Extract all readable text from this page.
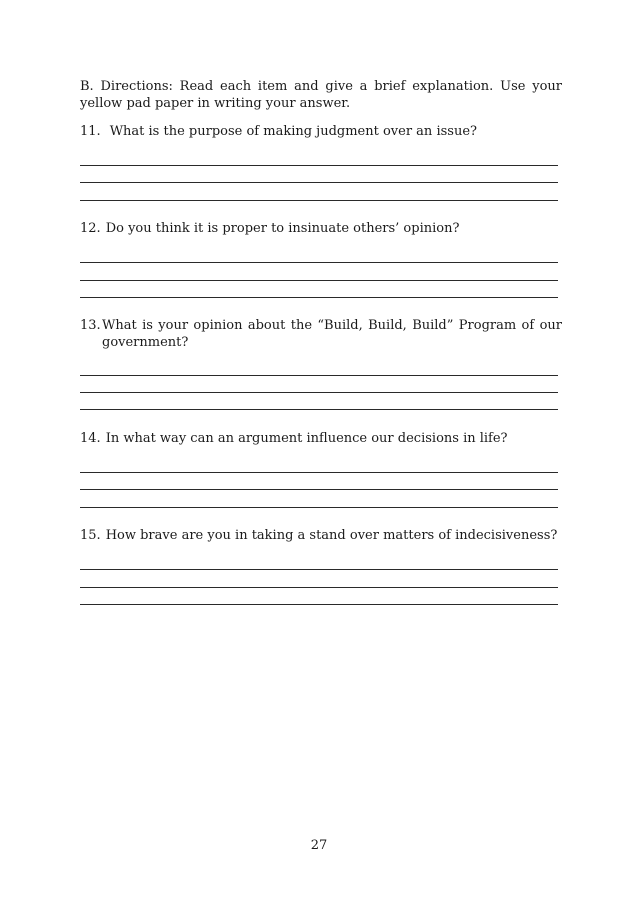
B. Directions: Read each item and give a brief explanation. Use your yellow pad paper in writing your answer.
11. What is the purpose of making judgment over an issue?
12. Do you think it is proper to insinuate others’ opinion?
13.What is your opinion about the “Build, Build, Build” Program of our government?
14. In what way can an argument influence our decisions in life?
15. How brave are you in taking a stand over matters of indecisiveness?
27
